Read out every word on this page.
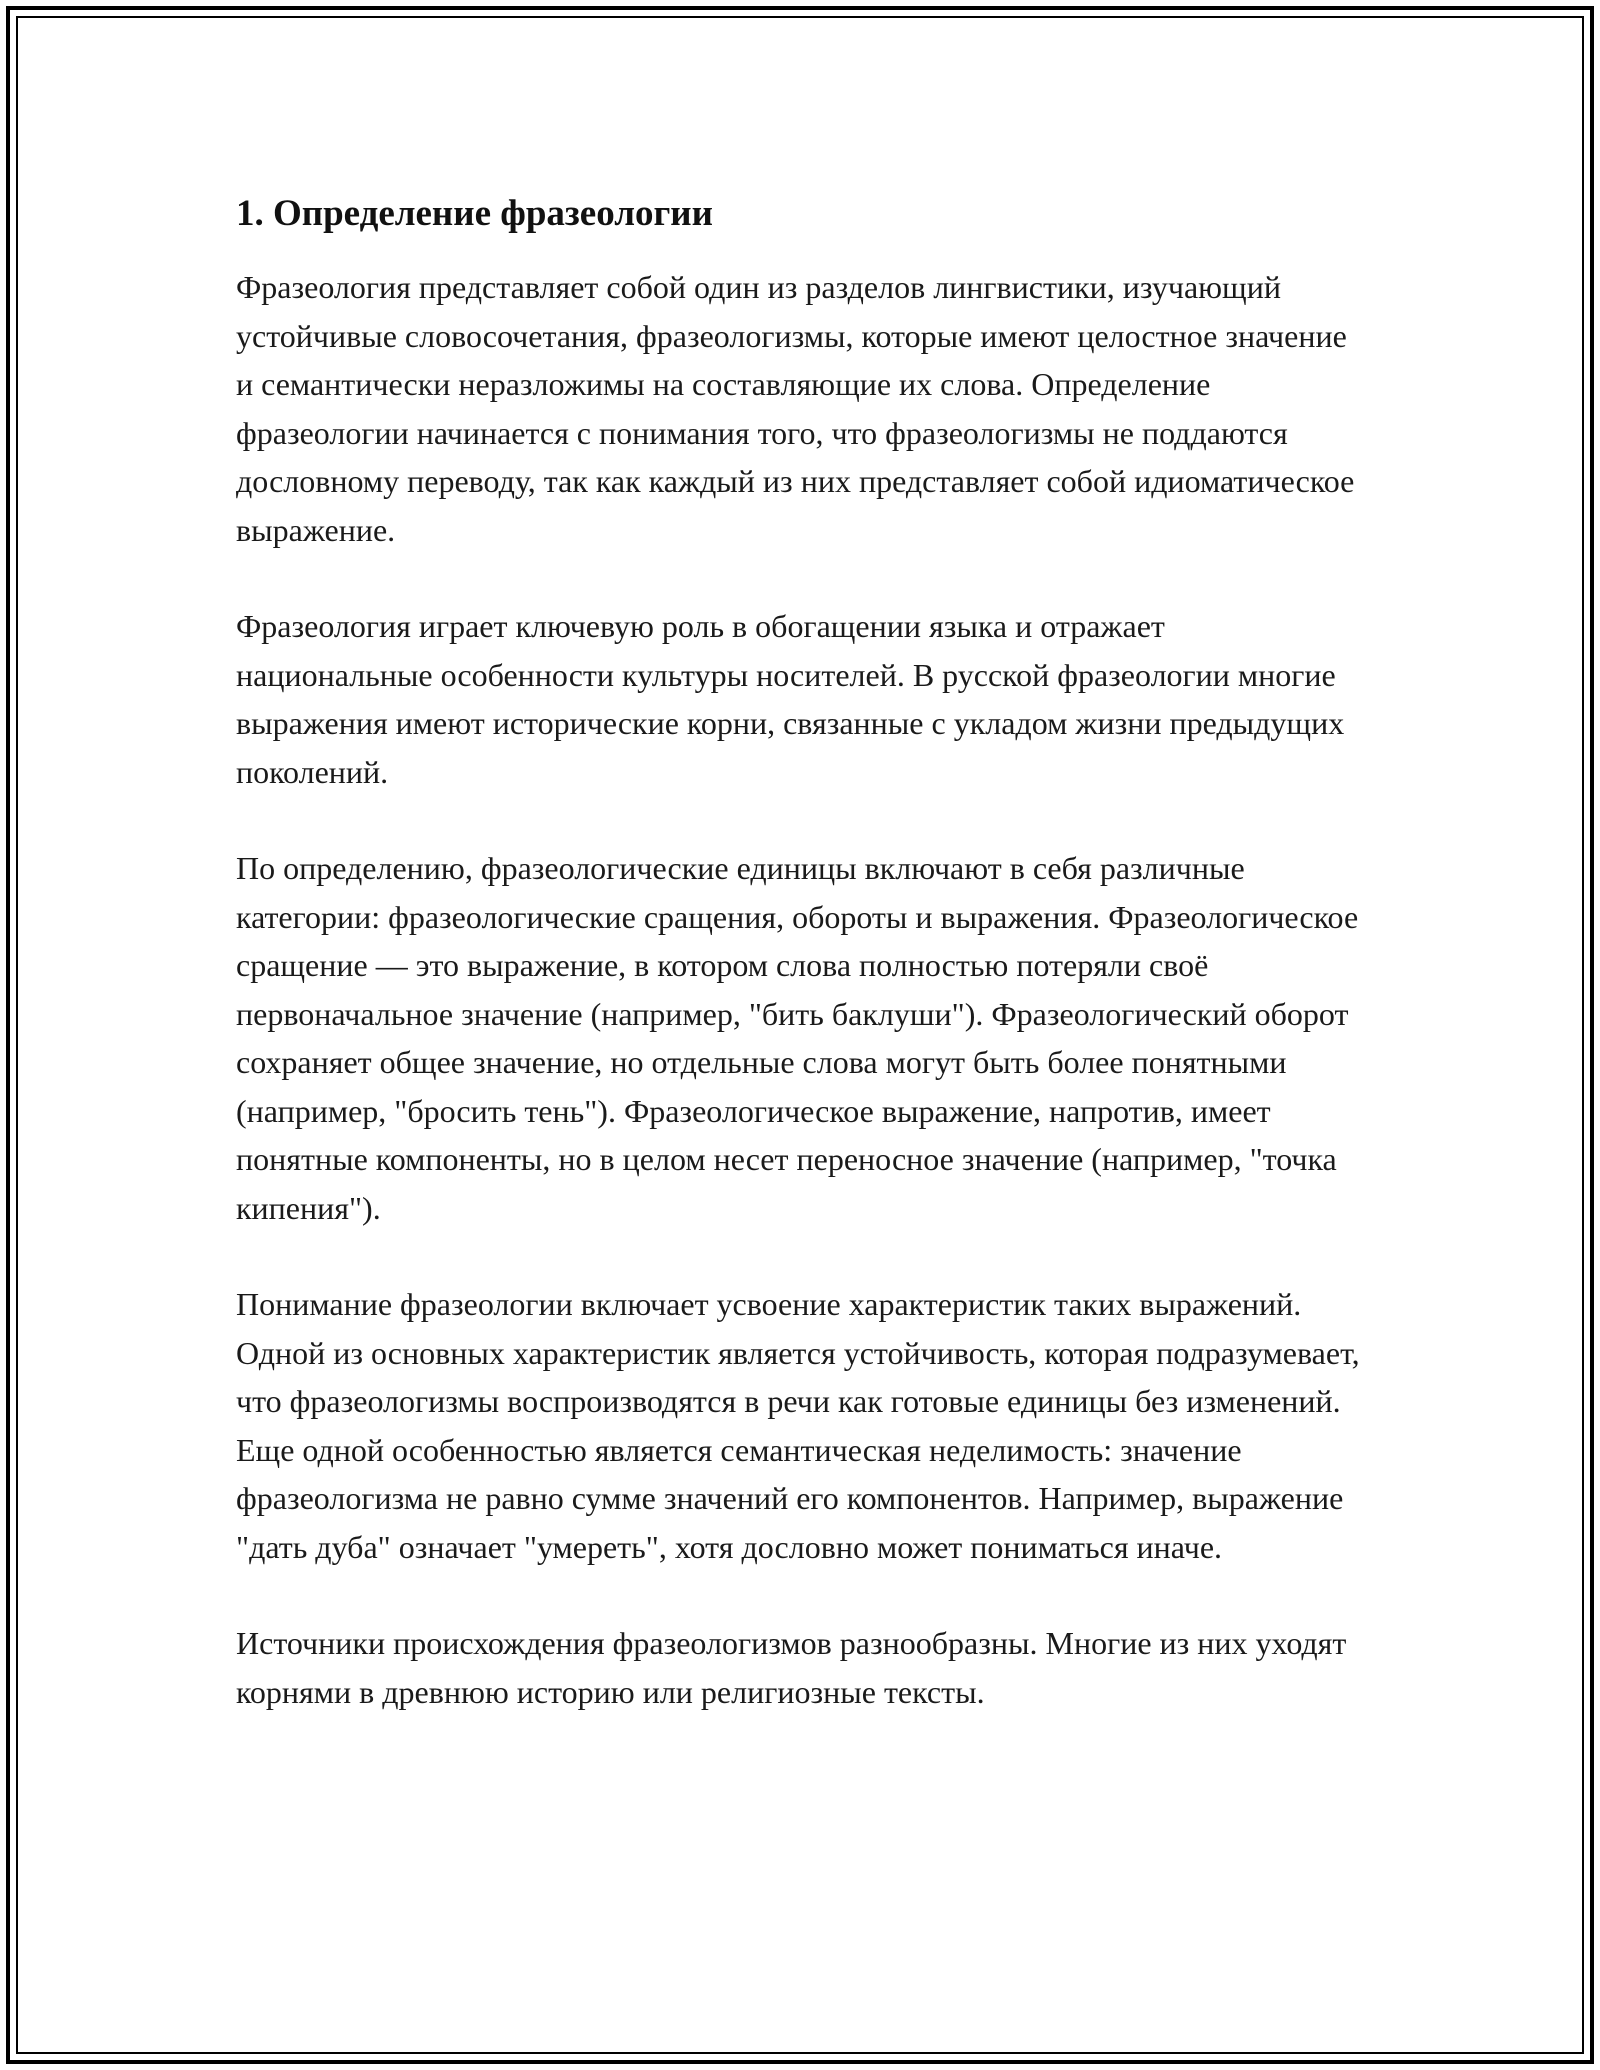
1. Определение фразеологии

Фразеология представляет собой один из разделов лингвистики, изучающий устойчивые словосочетания, фразеологизмы, которые имеют целостное значение и семантически неразложимы на составляющие их слова. Определение фразеологии начинается с понимания того, что фразеологизмы не поддаются дословному переводу, так как каждый из них представляет собой идиоматическое выражение.

Фразеология играет ключевую роль в обогащении языка и отражает национальные особенности культуры носителей. В русской фразеологии многие выражения имеют исторические корни, связанные с укладом жизни предыдущих поколений.

По определению, фразеологические единицы включают в себя различные категории: фразеологические сращения, обороты и выражения. Фразеологическое сращение — это выражение, в котором слова полностью потеряли своё первоначальное значение (например, "бить баклуши"). Фразеологический оборот сохраняет общее значение, но отдельные слова могут быть более понятными (например, "бросить тень"). Фразеологическое выражение, напротив, имеет понятные компоненты, но в целом несет переносное значение (например, "точка кипения").

Понимание фразеологии включает усвоение характеристик таких выражений. Одной из основных характеристик является устойчивость, которая подразумевает, что фразеологизмы воспроизводятся в речи как готовые единицы без изменений. Еще одной особенностью является семантическая неделимость: значение фразеологизма не равно сумме значений его компонентов. Например, выражение "дать дуба" означает "умереть", хотя дословно может пониматься иначе.

Источники происхождения фразеологизмов разнообразны. Многие из них уходят корнями в древнюю историю или религиозные тексты.
